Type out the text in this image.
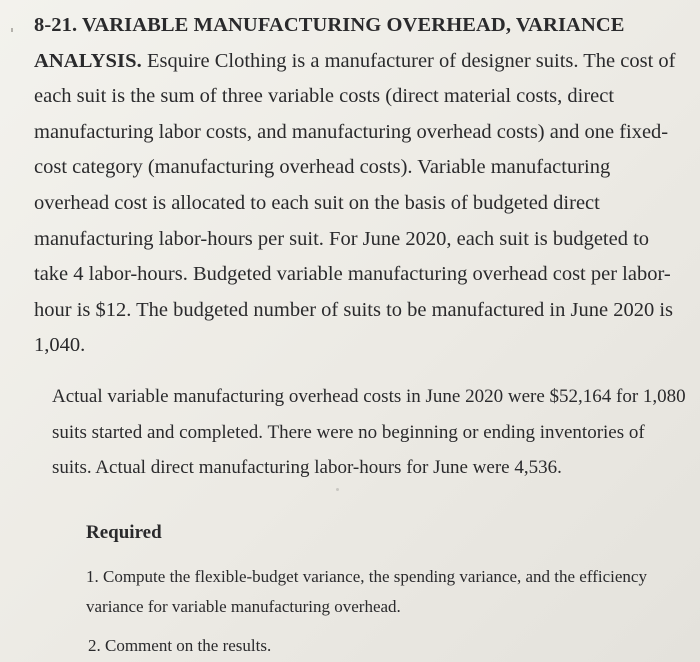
8-21. VARIABLE MANUFACTURING OVERHEAD, VARIANCE ANALYSIS. Esquire Clothing is a manufacturer of designer suits. The cost of each suit is the sum of three variable costs (direct material costs, direct manufacturing labor costs, and manufacturing overhead costs) and one fixed-cost category (manufacturing overhead costs). Variable manufacturing overhead cost is allocated to each suit on the basis of budgeted direct manufacturing labor-hours per suit. For June 2020, each suit is budgeted to take 4 labor-hours. Budgeted variable manufacturing overhead cost per labor-hour is $12. The budgeted number of suits to be manufactured in June 2020 is 1,040.
Actual variable manufacturing overhead costs in June 2020 were $52,164 for 1,080 suits started and completed. There were no beginning or ending inventories of suits. Actual direct manufacturing labor-hours for June were 4,536.
Required
1. Compute the flexible-budget variance, the spending variance, and the efficiency variance for variable manufacturing overhead.
2. Comment on the results.
